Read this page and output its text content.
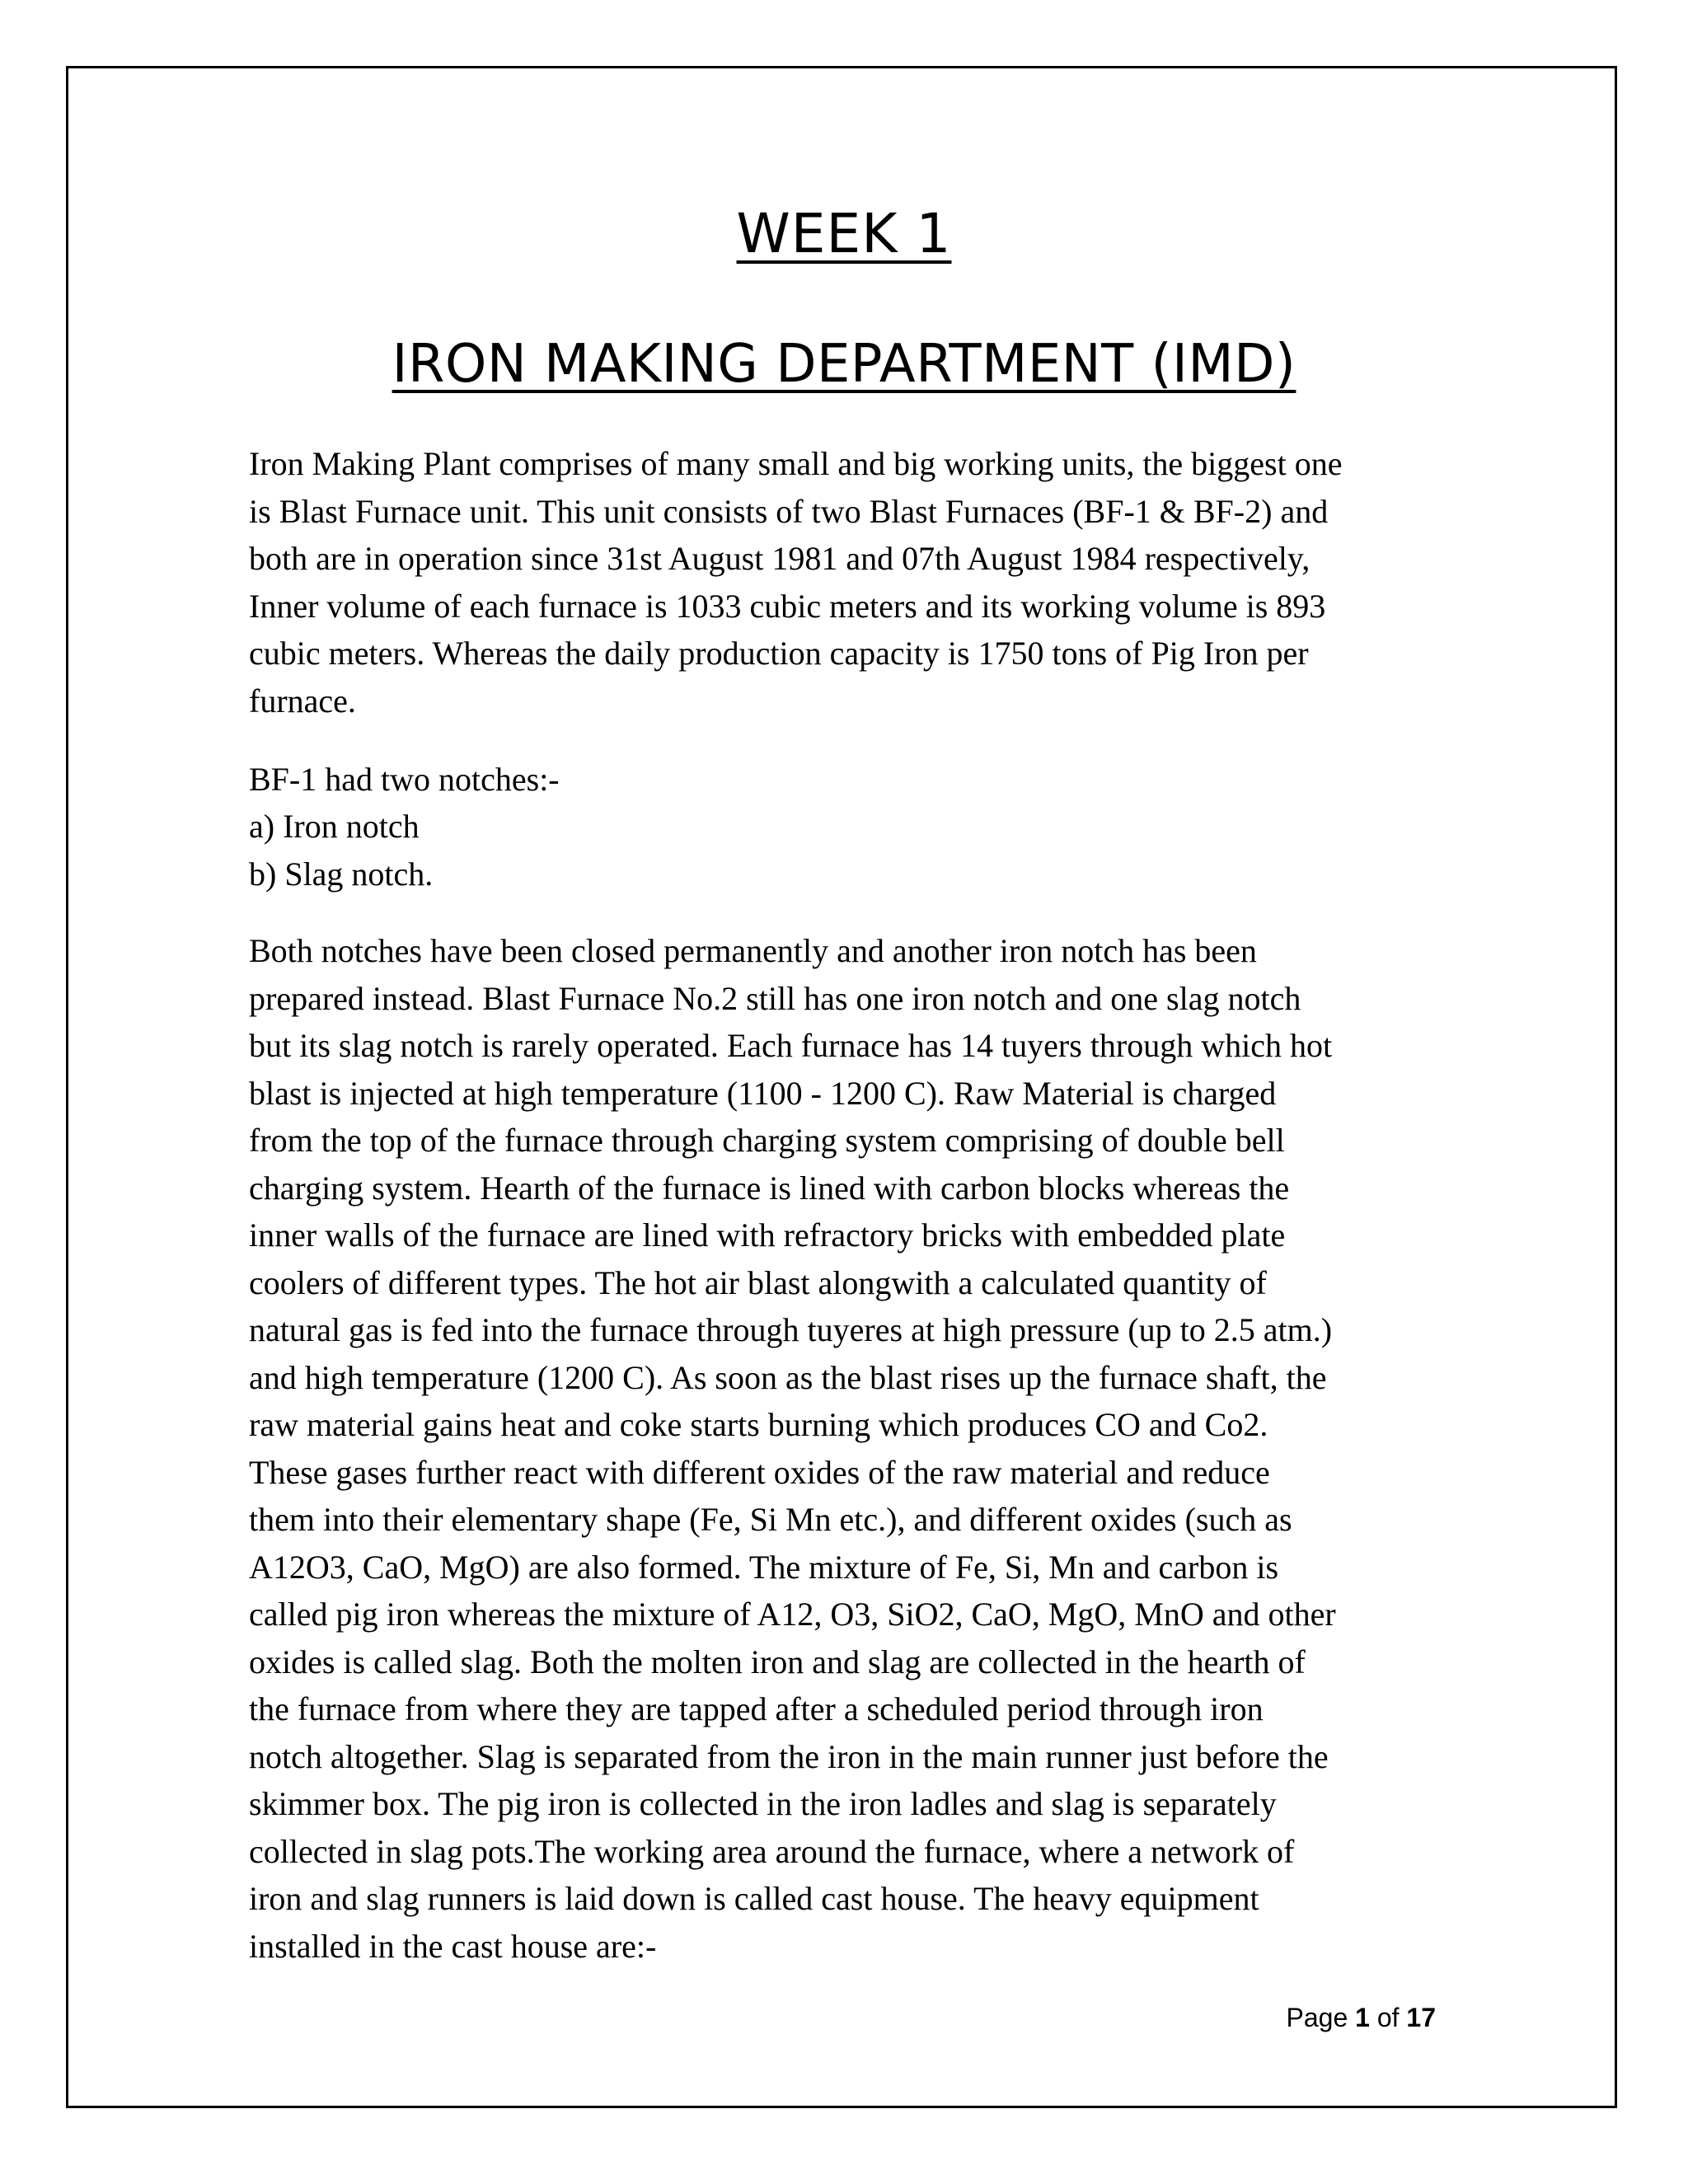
WEEK 1
IRON MAKING DEPARTMENT (IMD)

Iron Making Plant comprises of many small and big working units, the biggest one
is Blast Furnace unit. This unit consists of two Blast Furnaces (BF-1 & BF-2) and
both are in operation since 31st August 1981 and 07th August 1984 respectively,
Inner volume of each furnace is 1033 cubic meters and its working volume is 893
cubic meters. Whereas the daily production capacity is 1750 tons of Pig Iron per
furnace.

BF-1 had two notches:-

a) Iron notch
b) Slag notch.

Both notches have been closed permanently and another iron notch has been
prepared instead. Blast Furnace No.2 still has one iron notch and one slag notch
but its slag notch is rarely operated. Each furnace has 14 tuyers through which hot
blast is injected at high temperature (1100 - 1200 C). Raw Material is charged
from the top of the furnace through charging system comprising of double bell
charging system. Hearth of the furnace is lined with carbon blocks whereas the
inner walls of the furnace are lined with refractory bricks with embedded plate
coolers of different types. The hot air blast alongwith a calculated quantity of
natural gas is fed into the furnace through tuyeres at high pressure (up to 2.5 atm.)
and high temperature (1200 C). As soon as the blast rises up the furnace shaft, the
raw material gains heat and coke starts burning which produces CO and Co2.
These gases further react with different oxides of the raw material and reduce
them into their elementary shape (Fe, Si Mn etc.), and different oxides (such as
A12O3, CaO, MgO) are also formed. The mixture of Fe, Si, Mn and carbon is
called pig iron whereas the mixture of A12, O3, SiO2, CaO, MgO, MnO and other
oxides is called slag. Both the molten iron and slag are collected in the hearth of
the furnace from where they are tapped after a scheduled period through iron
notch altogether. Slag is separated from the iron in the main runner just before the
skimmer box. The pig iron is collected in the iron ladles and slag is separately
collected in slag pots.The working area around the furnace, where a network of
iron and slag runners is laid down is called cast house. The heavy equipment
installed in the cast house are:-

Page 1 of 17
